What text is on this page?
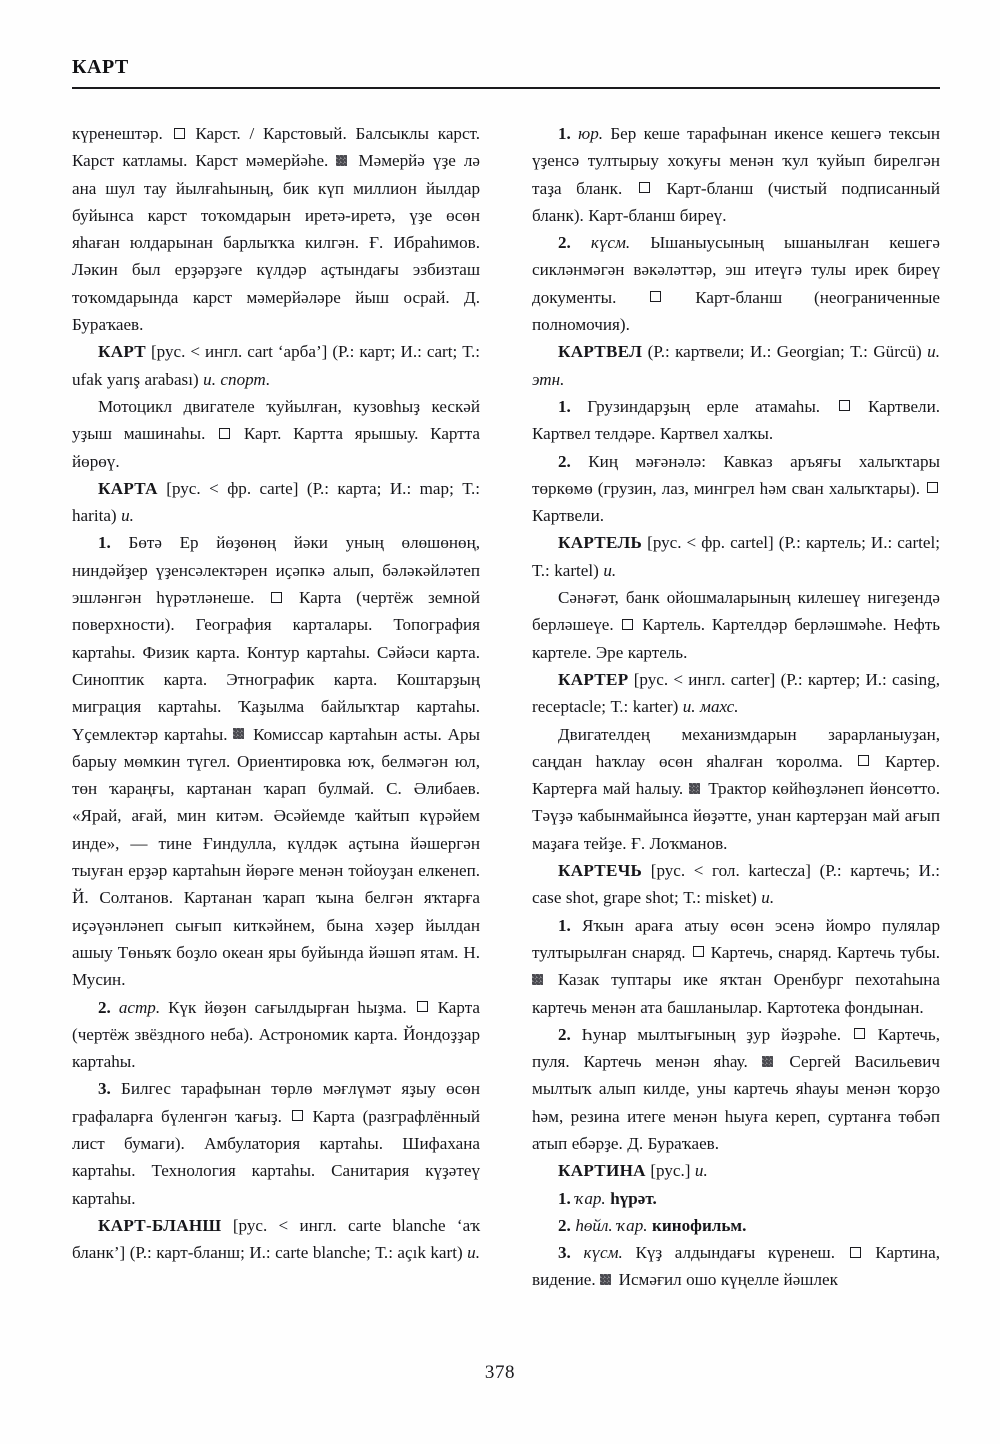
КАРТ

күренештәр.  Карст. / Карстовый. Балсыклы карст. Карст катламы. Карст мәмерйәһе.  Мәмерйә үҙе лә ана шул тау йылғаһының, бик күп миллион йылдар буйынса карст тоҡомдарын иретә-иретә, үҙе өсөн яһаған юлдарынан барлыҡҡа килгән. Ғ. Ибраһимов. Ләкин был ерҙәрҙәге күлдәр аҫтындағы эзбизташ тоҡомдарында карст мәмерйәләре йыш осрай. Д. Бураҡаев.

КАРТ [рус. < ингл. cart ‘арба’] (Р.: карт; И.: cart; Т.: ufak yarış arabası) и. спорт.

Мотоцикл двигателе ҡуйылған, кузовһыҙ кескәй уҙыш машинаһы.  Карт. Картта ярышыу. Картта йөрөү.

КАРТА [рус. < фр. carte] (Р.: карта; И.: map; Т.: harita) и.

1. Бөтә Ер йөҙөнөң йәки уның өлөшөнөң, ниндәйҙер үҙенсәлектәрен иҫәпкә алып, бәләкәйләтеп эшләнгән һүрәтләнеше.  Карта (чертёж земной поверхности). География карталары. Топография картаһы. Физик карта. Контур картаһы. Сәйәси карта. Синоптик карта. Этнографик карта. Коштарҙың миграция картаһы. Ҡаҙылма байлыҡтар картаһы. Үҫемлектәр картаһы.  Комиссар картаһын асты. Ары барыу мөмкин түгел. Ориентировка юҡ, белмәгән юл, төн ҡараңғы, картанан ҡарап булмай. С. Әлибаев. «Ярай, ағай, мин китәм. Әсәйемде ҡайтып күрәйем инде», — тине Ғиндулла, күлдәк аҫтына йәшергән тыуған ерҙәр картаһын йөрәге менән тойоуҙан елкенеп. Й. Солтанов. Картанан ҡарап ҡына белгән яҡтарға иҫәүәнләнеп сығып киткәйнем, бына хәҙер йылдан ашыу Төньяҡ боҙло океан яры буйында йәшәп ятам. Н. Мусин.

2. астр. Күк йөҙөн сағылдырған һыҙма.  Карта (чертёж звёздного неба). Астрономик карта. Йондоҙҙар картаһы.

3. Билгес тарафынан төрлө мәғлүмәт яҙыу өсөн графаларға бүленгән ҡағыҙ.  Карта (разграфлённый лист бумаги). Амбулатория картаһы. Шифахана картаһы. Технология картаһы. Санитария күҙәтеү картаһы.

КАРТ-БЛАНШ [рус. < ингл. carte blanche ‘аҡ бланк’] (Р.: карт-бланш; И.: carte blanche; Т.: açık kart) и.

1. юр. Бер кеше тарафынан икенсе кешегә тексын үҙенсә тултырыу хоҡуғы менән ҡул ҡуйып бирелгән таҙа бланк.  Карт-бланш (чистый подписанный бланк). Карт-бланш биреү.

2. күсм. Ышаныусының ышанылған кешегә сикләнмәгән вәкәләттәр, эш итеүгә тулы ирек биреү документы.  Карт-бланш (неограниченные полномочия).

КАРТВЕЛ (Р.: картвели; И.: Georgian; Т.: Gürcü) и. этн.

1. Грузиндарҙың ерле атамаһы.  Картвели. Картвел телдәре. Картвел халҡы.

2. Киң мәғәнәлә: Кавказ аръяғы халыҡтары төркөмө (грузин, лаз, мингрел һәм сван халыҡтары).  Картвели.

КАРТЕЛЬ [рус. < фр. cartel] (Р.: картель; И.: cartel; Т.: kartel) и.

Сәнәғәт, банк ойошмаларының килешеү нигеҙендә берләшеүе.  Картель. Картелдәр берләшмәһе. Нефть картеле. Эре картель.

КАРТЕР [рус. < ингл. carter] (Р.: картер; И.: casing, receptacle; Т.: karter) и. махс.

Двигателдең механизмдарын зарарланыуҙан, саңдан һаҡлау өсөн яһалған ҡоролма.  Картер. Картерға май һалыу.  Трактор көйһөҙләнеп йөнсөтто. Тәүҙә ҡабынмайынса йөҙәтте, унан картерҙан май ағып маҙаға тейҙе. Ғ. Лоҡманов.

КАРТЕЧЬ [рус. < гол. kartecza] (Р.: картечь; И.: case shot, grape shot; Т.: misket) и.

1. Яҡын араға атыу өсөн эсенә йомро пулялар тултырылған снаряд.  Картечь, снаряд. Картечь тубы.  Казак туптары ике яҡтан Оренбург пехотаһына картечь менән ата башланылар. Картотека фондынан.

2. Һунар мылтығының ҙур йәҙрәһе.  Картечь, пуля. Картечь менән яһау.  Сергей Васильевич мылтыҡ алып килде, уны картечь яһауы менән ҡорҙо һәм, резина итеге менән һыуға кереп, суртанға төбәп атып ебәрҙе. Д. Бураҡаев.

КАРТИНА [рус.] и.

1. ҡар. һүрәт.

2. һөйл. ҡар. кинофильм.

3. күсм. Күҙ алдындағы күренеш.  Картина, видение.  Исмәғил ошо күңелле йәшлек

378
